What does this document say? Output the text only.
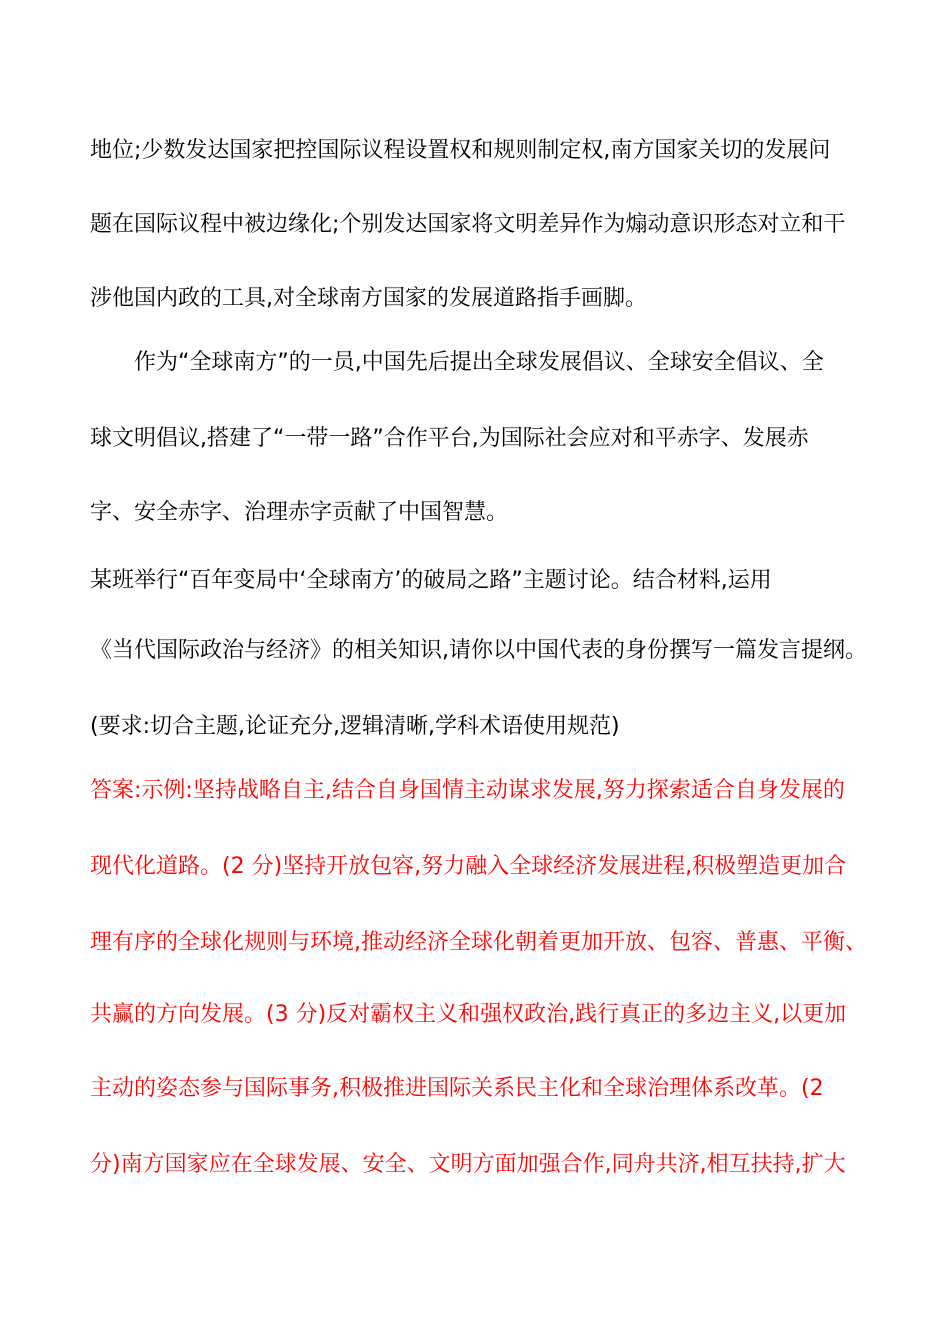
地位;少数发达国家把控国际议程设置权和规则制定权,南方国家关切的发展问
题在国际议程中被边缘化;个别发达国家将文明差异作为煽动意识形态对立和干
涉他国内政的工具,对全球南方国家的发展道路指手画脚。
作为“全球南方”的一员,中国先后提出全球发展倡议、全球安全倡议、全
球文明倡议,搭建了“一带一路”合作平台,为国际社会应对和平赤字、发展赤
字、安全赤字、治理赤字贡献了中国智慧。
某班举行“百年变局中‘全球南方’的破局之路”主题讨论。结合材料,运用
《当代国际政治与经济》的相关知识,请你以中国代表的身份撰写一篇发言提纲。
(要求:切合主题,论证充分,逻辑清晰,学科术语使用规范)
答案:示例:坚持战略自主,结合自身国情主动谋求发展,努力探索适合自身发展的
现代化道路。(2 分)坚持开放包容,努力融入全球经济发展进程,积极塑造更加合
理有序的全球化规则与环境,推动经济全球化朝着更加开放、包容、普惠、平衡、
共赢的方向发展。(3 分)反对霸权主义和强权政治,践行真正的多边主义,以更加
主动的姿态参与国际事务,积极推进国际关系民主化和全球治理体系改革。(2
分)南方国家应在全球发展、安全、文明方面加强合作,同舟共济,相互扶持,扩大
